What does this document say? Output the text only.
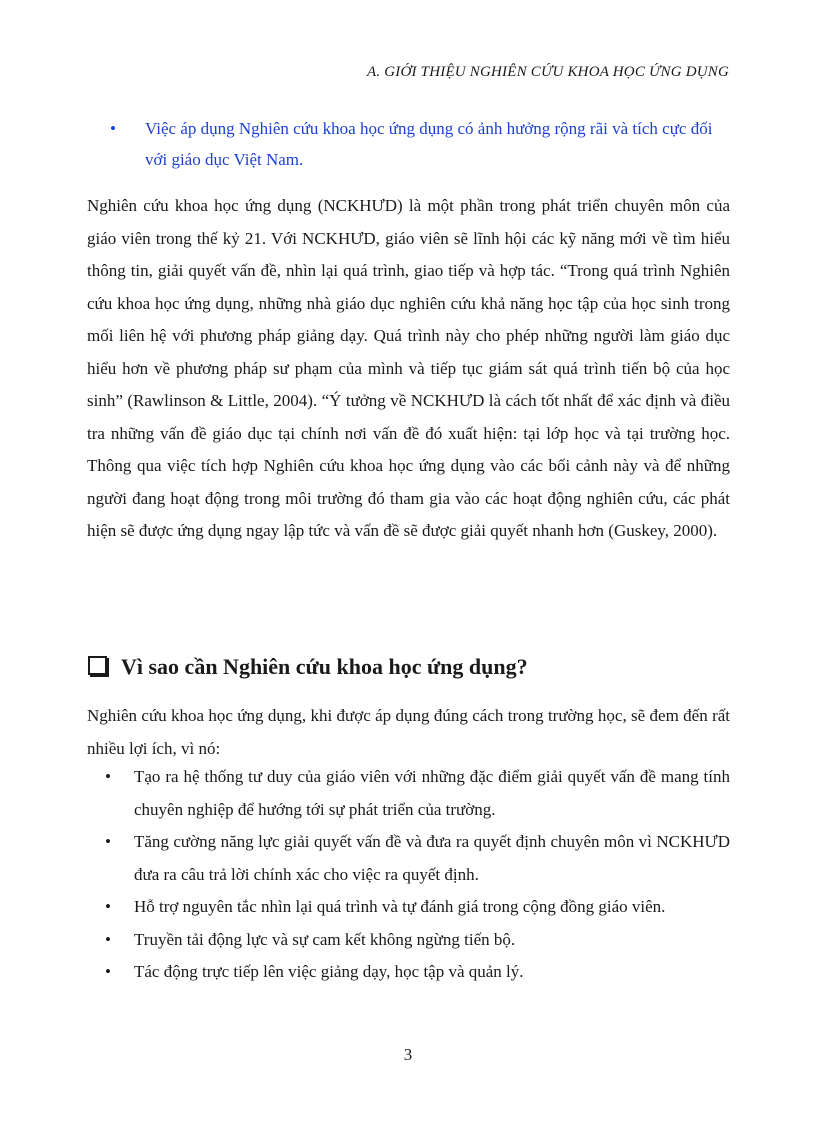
A. GIỚI THIỆU NGHIÊN CỨU KHOA HỌC ỨNG DỤNG
• Việc áp dụng Nghiên cứu khoa học ứng dụng có ảnh hưởng rộng rãi và tích cực đối với giáo dục Việt Nam.
Nghiên cứu khoa học ứng dụng (NCKHƯD) là một phần trong phát triển chuyên môn của giáo viên trong thế kỷ 21. Với NCKHƯD, giáo viên sẽ lĩnh hội các kỹ năng mới về tìm hiểu thông tin, giải quyết vấn đề, nhìn lại quá trình, giao tiếp và hợp tác. “Trong quá trình Nghiên cứu khoa học ứng dụng, những nhà giáo dục nghiên cứu khả năng học tập của học sinh trong mối liên hệ với phương pháp giảng dạy. Quá trình này cho phép những người làm giáo dục hiểu hơn về phương pháp sư phạm của mình và tiếp tục giám sát quá trình tiến bộ của học sinh” (Rawlinson & Little, 2004). “Ý tưởng về NCKHƯD là cách tốt nhất để xác định và điều tra những vấn đề giáo dục tại chính nơi vấn đề đó xuất hiện: tại lớp học và tại trường học. Thông qua việc tích hợp Nghiên cứu khoa học ứng dụng vào các bối cảnh này và để những người đang hoạt động trong môi trường đó tham gia vào các hoạt động nghiên cứu, các phát hiện sẽ được ứng dụng ngay lập tức và vấn đề sẽ được giải quyết nhanh hơn (Guskey, 2000).
Vì sao cần Nghiên cứu khoa học ứng dụng?
Nghiên cứu khoa học ứng dụng, khi được áp dụng đúng cách trong trường học, sẽ đem đến rất nhiều lợi ích, vì nó:
• Tạo ra hệ thống tư duy của giáo viên với những đặc điểm giải quyết vấn đề mang tính chuyên nghiệp để hướng tới sự phát triển của trường.
• Tăng cường năng lực giải quyết vấn đề và đưa ra quyết định chuyên môn vì NCKHƯD đưa ra câu trả lời chính xác cho việc ra quyết định.
• Hỗ trợ nguyên tắc nhìn lại quá trình và tự đánh giá trong cộng đồng giáo viên.
• Truyền tải động lực và sự cam kết không ngừng tiến bộ.
• Tác động trực tiếp lên việc giảng dạy, học tập và quản lý.
3
